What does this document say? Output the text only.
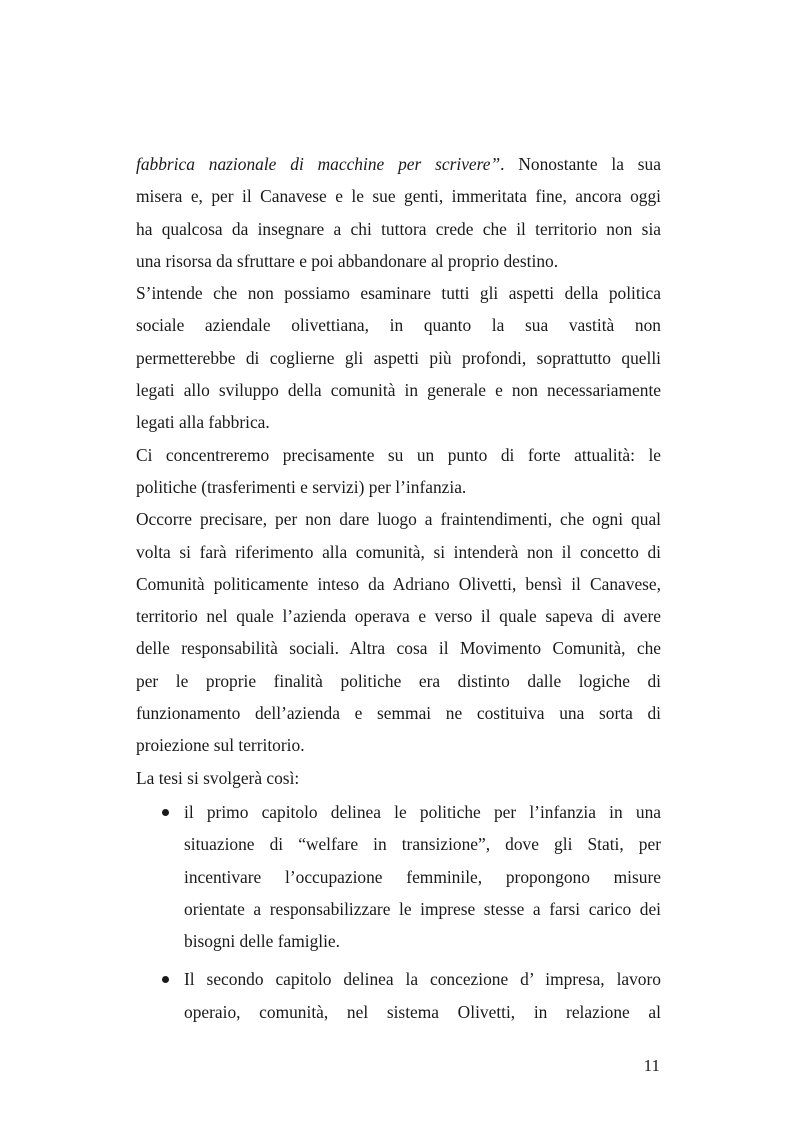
fabbrica nazionale di macchine per scrivere”. Nonostante la sua
misera e, per il Canavese e le sue genti, immeritata fine, ancora oggi
ha qualcosa da insegnare a chi tuttora crede che il territorio non sia
una risorsa da sfruttare e poi abbandonare al proprio destino.

S’intende che non possiamo esaminare tutti gli aspetti della politica
sociale aziendale olivettiana, in quanto la sua vastità non
permetterebbe di coglierne gli aspetti più profondi, soprattutto quelli
legati allo sviluppo della comunità in generale e non necessariamente
legati alla fabbrica.

Ci concentreremo precisamente su un punto di forte attualità: le
politiche (trasferimenti e servizi) per l’infanzia.

Occorre precisare, per non dare luogo a fraintendimenti, che ogni qual
volta si farà riferimento alla comunità, si intenderà non il concetto di
Comunità politicamente inteso da Adriano Olivetti, bensì il Canavese,
territorio nel quale l’azienda operava e verso il quale sapeva di avere
delle responsabilità sociali. Altra cosa il Movimento Comunità, che
per le proprie finalità politiche era distinto dalle logiche di
funzionamento dell’azienda e semmai ne costituiva una sorta di
proiezione sul territorio.

La tesi si svolgerà così:

il primo capitolo delinea le politiche per l’infanzia in una
situazione di “welfare in transizione”, dove gli Stati, per
incentivare l’occupazione femminile, propongono misure
orientate a responsabilizzare le imprese stesse a farsi carico dei
bisogni delle famiglie.
Il secondo capitolo delinea la concezione d’ impresa, lavoro
operaio, comunità, nel sistema Olivetti, in relazione al
11
